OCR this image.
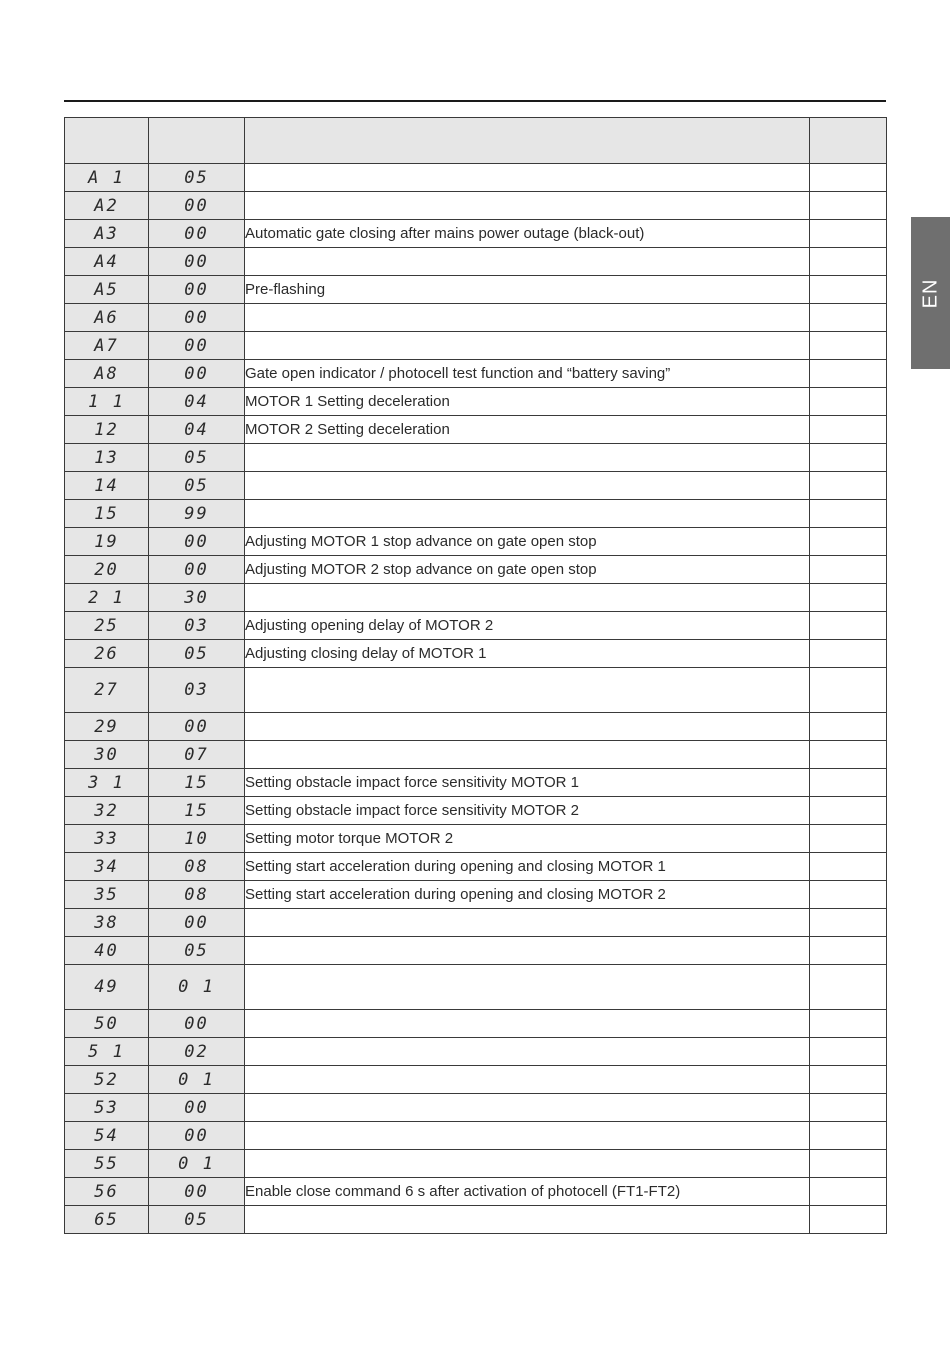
EN

A 1	05		
A2	00		
A3	00	Automatic gate closing after mains power outage (black-out)	
A4	00		
A5	00	Pre-flashing	
A6	00		
A7	00		
A8	00	Gate open indicator / photocell test function and “battery saving”	
1 1	04	MOTOR 1 Setting deceleration	
12	04	MOTOR 2 Setting deceleration	
13	05		
14	05		
15	99		
19	00	Adjusting MOTOR 1 stop advance on gate open stop	
20	00	Adjusting MOTOR 2 stop advance on gate open stop	
2 1	30		
25	03	Adjusting opening delay of MOTOR 2	
26	05	Adjusting closing delay of MOTOR 1	
27	03		
29	00		
30	07		
3 1	15	Setting obstacle impact force sensitivity MOTOR 1	
32	15	Setting obstacle impact force sensitivity MOTOR 2	
33	10	Setting motor torque MOTOR 2	
34	08	Setting start acceleration during opening and closing MOTOR 1	
35	08	Setting start acceleration during opening and closing MOTOR 2	
38	00		
40	05		
49	0 1		
50	00		
5 1	02		
52	0 1		
53	00		
54	00		
55	0 1		
56	00	Enable close command 6 s after activation of photocell (FT1-FT2)	
65	05		
